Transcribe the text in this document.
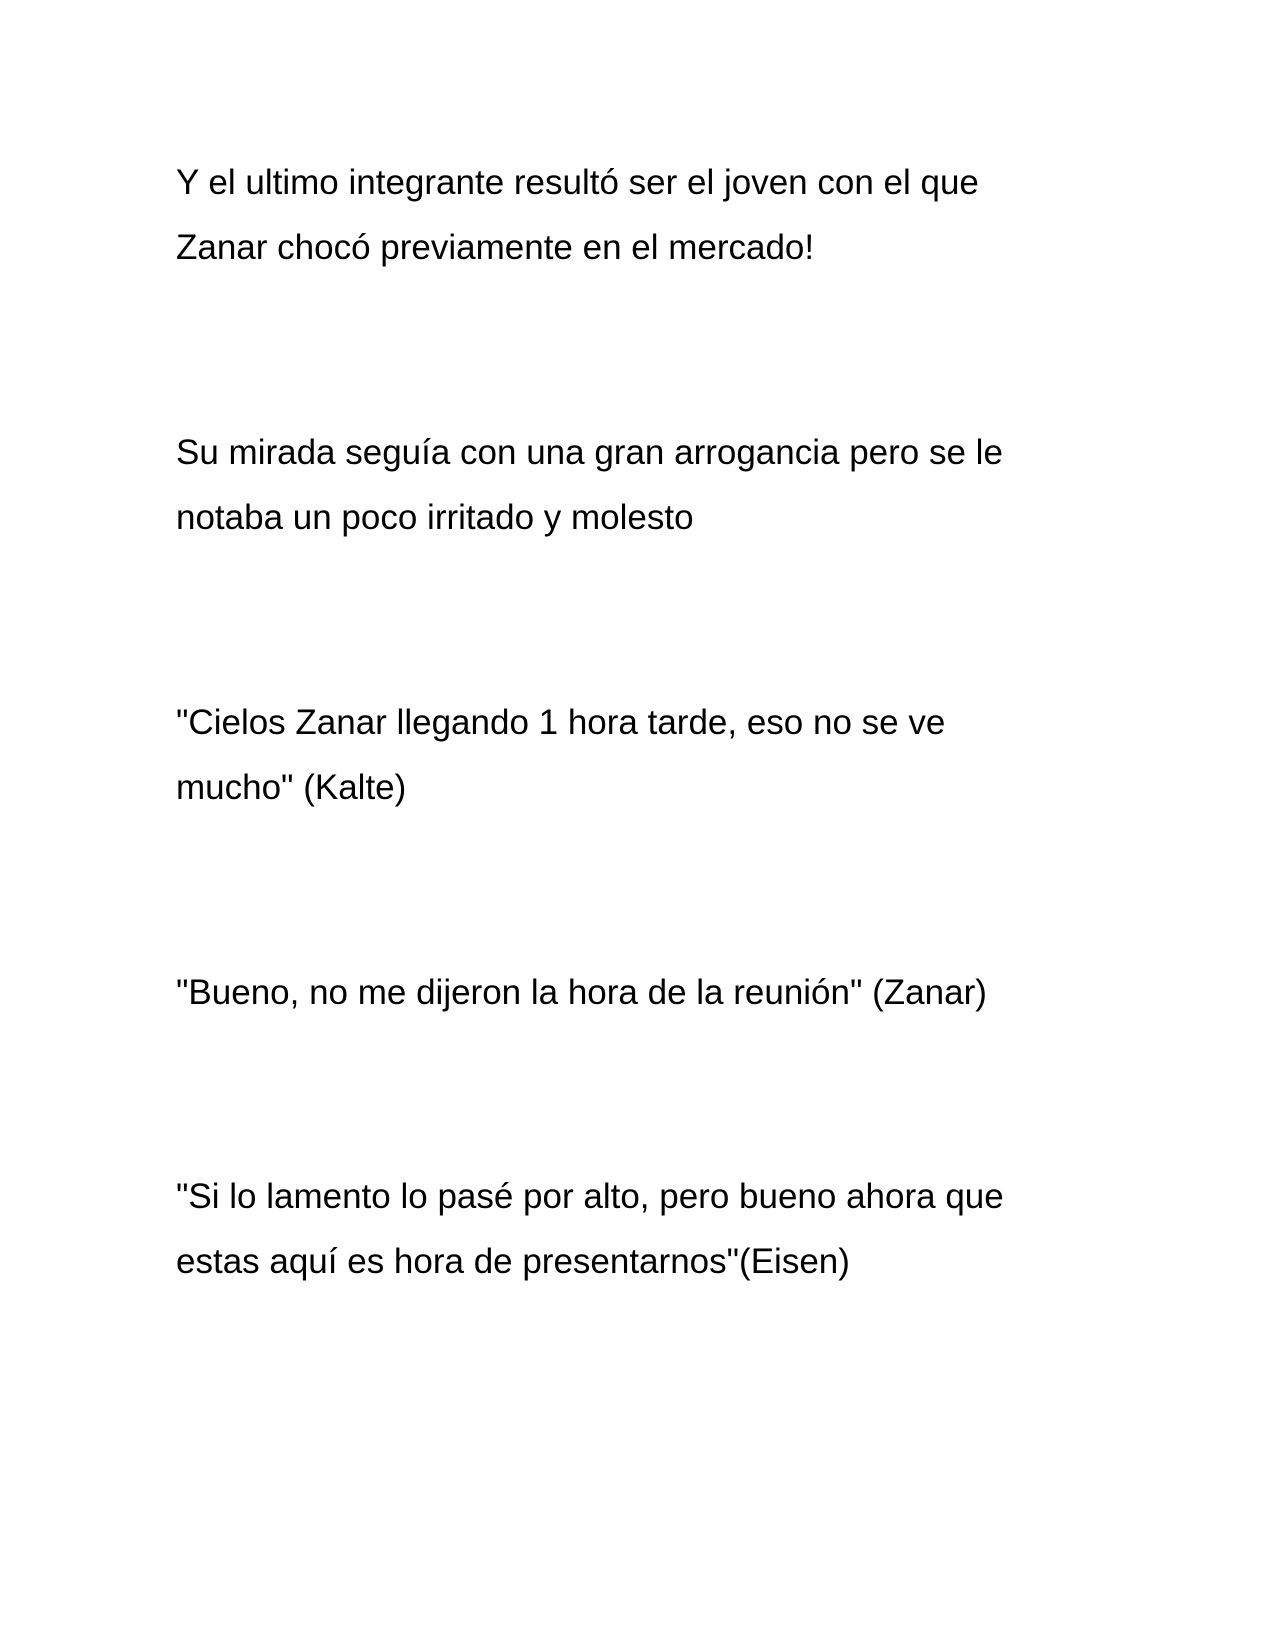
Y el ultimo integrante resultó ser el joven con el que
Zanar chocó previamente en el mercado!

Su mirada seguía con una gran arrogancia pero se le
notaba un poco irritado y molesto

"Cielos Zanar llegando 1 hora tarde, eso no se ve
mucho" (Kalte)

"Bueno, no me dijeron la hora de la reunión" (Zanar)

"Si lo lamento lo pasé por alto, pero bueno ahora que
estas aquí es hora de presentarnos"(Eisen)
